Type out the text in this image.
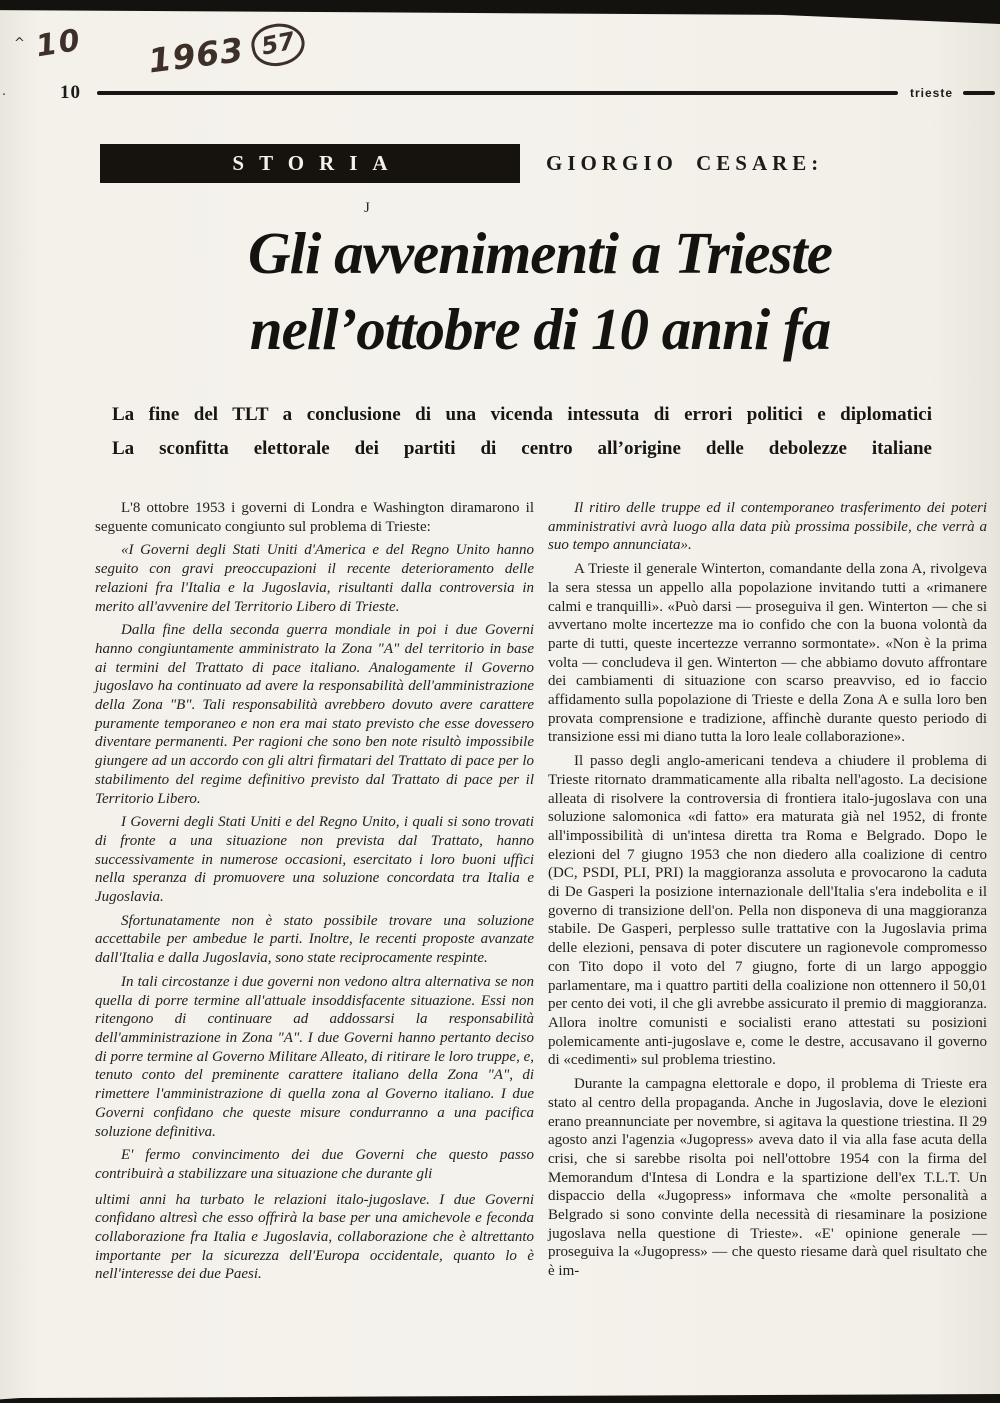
^
·
10 1963 57
10	trieste
STORIA	GIORGIO CESARE:
J
Gli avvenimenti a Trieste
nell’ottobre di 10 anni fa
La fine del TLT a conclusione di una vicenda intessuta di errori politici e diplomatici
La sconfitta elettorale dei partiti di centro all’origine delle debolezze italiane

L'8 ottobre 1953 i governi di Londra e Washington diramarono il seguente comunicato congiunto sul problema di Trieste:

«I Governi degli Stati Uniti d'America e del Regno Unito hanno seguito con gravi preoccupazioni il recente deterioramento delle relazioni fra l'Italia e la Jugoslavia, risultanti dalla controversia in merito all'avvenire del Territorio Libero di Trieste.

Dalla fine della seconda guerra mondiale in poi i due Governi hanno congiuntamente amministrato la Zona "A" del territorio in base ai termini del Trattato di pace italiano. Analogamente il Governo jugoslavo ha continuato ad avere la responsabilità dell'amministrazione della Zona "B". Tali responsabilità avrebbero dovuto avere carattere puramente temporaneo e non era mai stato previsto che esse dovessero diventare permanenti. Per ragioni che sono ben note risultò impossibile giungere ad un accordo con gli altri firmatari del Trattato di pace per lo stabilimento del regime definitivo previsto dal Trattato di pace per il Territorio Libero.

I Governi degli Stati Uniti e del Regno Unito, i quali si sono trovati di fronte a una situazione non prevista dal Trattato, hanno successivamente in numerose occasioni, esercitato i loro buoni uffici nella speranza di promuovere una soluzione concordata tra Italia e Jugoslavia.

Sfortunatamente non è stato possibile trovare una soluzione accettabile per ambedue le parti. Inoltre, le recenti proposte avanzate dall'Italia e dalla Jugoslavia, sono state reciprocamente respinte.

In tali circostanze i due governi non vedono altra alternativa se non quella di porre termine all'attuale insoddisfacente situazione. Essi non ritengono di continuare ad addossarsi la responsabilità dell'amministrazione in Zona "A". I due Governi hanno pertanto deciso di porre termine al Governo Militare Alleato, di ritirare le loro truppe, e, tenuto conto del preminente carattere italiano della Zona "A", di rimettere l'amministrazione di quella zona al Governo italiano. I due Governi confidano che queste misure condurranno a una pacifica soluzione definitiva.

E' fermo convincimento dei due Governi che questo passo contribuirà a stabilizzare una situazione che durante gli

ultimi anni ha turbato le relazioni italo-jugoslave. I due Governi confidano altresì che esso offrirà la base per una amichevole e feconda collaborazione fra Italia e Jugoslavia, collaborazione che è altrettanto importante per la sicurezza dell'Europa occidentale, quanto lo è nell'interesse dei due Paesi.

Il ritiro delle truppe ed il contemporaneo trasferimento dei poteri amministrativi avrà luogo alla data più prossima possibile, che verrà a suo tempo annunciata».

A Trieste il generale Winterton, comandante della zona A, rivolgeva la sera stessa un appello alla popolazione invitando tutti a «rimanere calmi e tranquilli». «Può darsi — proseguiva il gen. Winterton — che si avvertano molte incertezze ma io confido che con la buona volontà da parte di tutti, queste incertezze verranno sormontate». «Non è la prima volta — concludeva il gen. Winterton — che abbiamo dovuto affrontare dei cambiamenti di situazione con scarso preavviso, ed io faccio affidamento sulla popolazione di Trieste e della Zona A e sulla loro ben provata comprensione e tradizione, affinchè durante questo periodo di transizione essi mi diano tutta la loro leale collaborazione».

Il passo degli anglo-americani tendeva a chiudere il problema di Trieste ritornato drammaticamente alla ribalta nell'agosto. La decisione alleata di risolvere la controversia di frontiera italo-jugoslava con una soluzione salomonica «di fatto» era maturata già nel 1952, di fronte all'impossibilità di un'intesa diretta tra Roma e Belgrado. Dopo le elezioni del 7 giugno 1953 che non diedero alla coalizione di centro (DC, PSDI, PLI, PRI) la maggioranza assoluta e provocarono la caduta di De Gasperi la posizione internazionale dell'Italia s'era indebolita e il governo di transizione dell'on. Pella non disponeva di una maggioranza stabile. De Gasperi, perplesso sulle trattative con la Jugoslavia prima delle elezioni, pensava di poter discutere un ragionevole compromesso con Tito dopo il voto del 7 giugno, forte di un largo appoggio parlamentare, ma i quattro partiti della coalizione non ottennero il 50,01 per cento dei voti, il che gli avrebbe assicurato il premio di maggioranza. Allora inoltre comunisti e socialisti erano attestati su posizioni polemicamente anti-jugoslave e, come le destre, accusavano il governo di «cedimenti» sul problema triestino.

Durante la campagna elettorale e dopo, il problema di Trieste era stato al centro della propaganda. Anche in Jugoslavia, dove le elezioni erano preannunciate per novembre, si agitava la questione triestina. Il 29 agosto anzi l'agenzia «Jugopress» aveva dato il via alla fase acuta della crisi, che si sarebbe risolta poi nell'ottobre 1954 con la firma del Memorandum d'Intesa di Londra e la spartizione dell'ex T.L.T. Un dispaccio della «Jugopress» informava che «molte personalità a Belgrado si sono convinte della necessità di riesaminare la posizione jugoslava nella questione di Trieste». «E' opinione generale — proseguiva la «Jugopress» — che questo riesame darà quel risultato che è im-
